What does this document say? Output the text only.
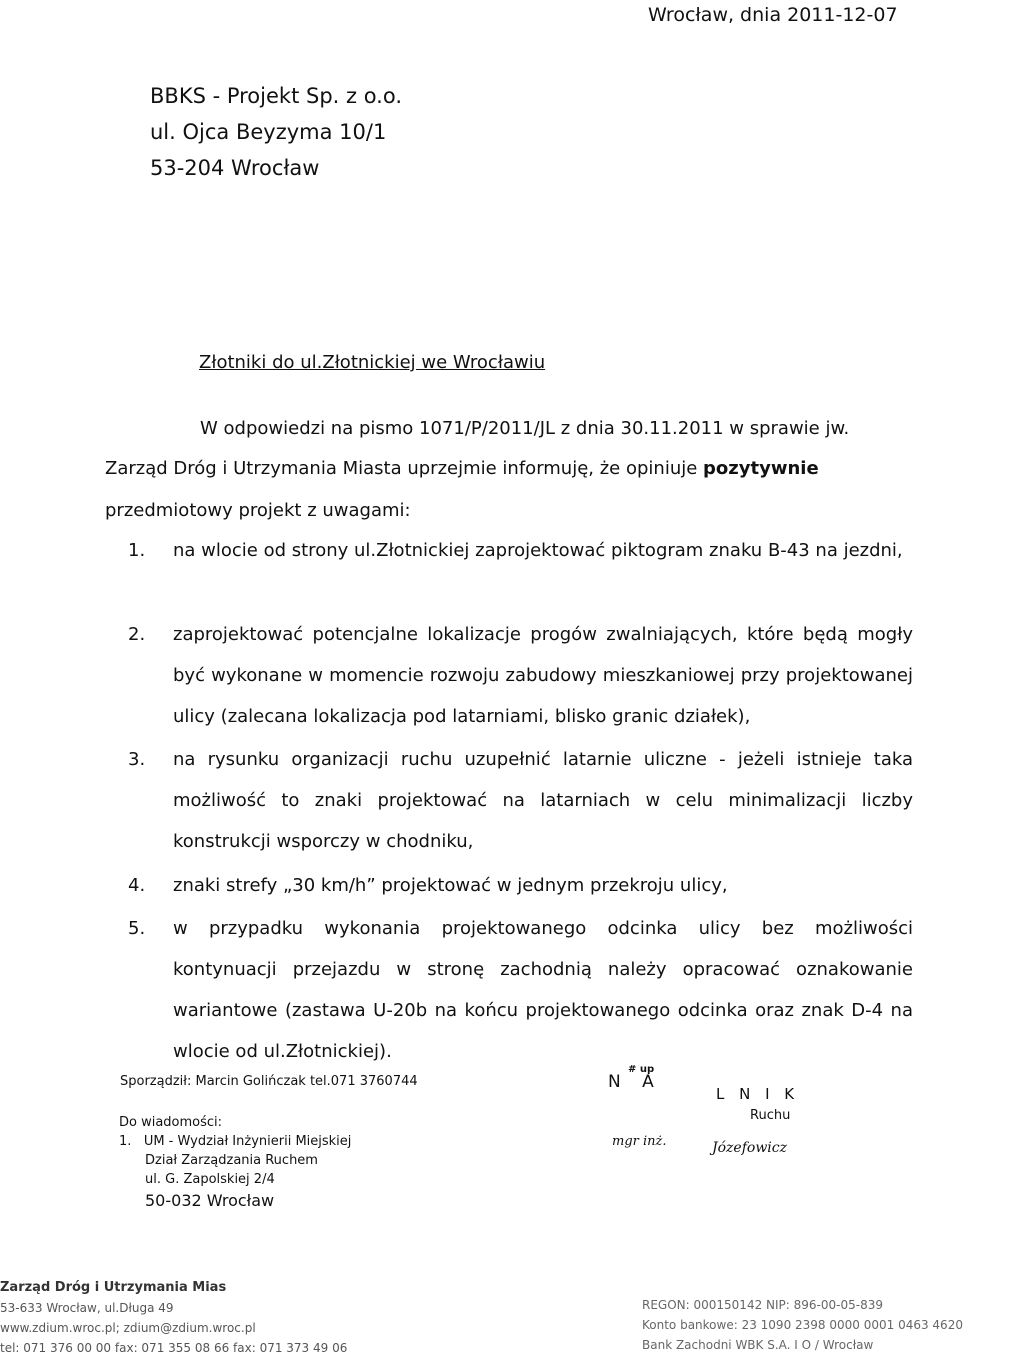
Wrocław, dnia 2011-12-07
BBKS - Projekt Sp. z o.o.
ul. Ojca Beyzyma 10/1
53-204 Wrocław
Złotniki do ul.Złotnickiej we Wrocławiu
W odpowiedzi na pismo 1071/P/2011/JL z dnia 30.11.2011 w sprawie jw.
Zarząd Dróg i Utrzymania Miasta uprzejmie informuję, że opiniuje pozytywnie
przedmiotowy projekt z uwagami:
1. na wlocie od strony ul.Złotnickiej zaprojektować piktogram znaku B-43 na jezdni,
2. zaprojektować potencjalne lokalizacje progów zwalniających, które będą mogły być wykonane w momencie rozwoju zabudowy mieszkaniowej przy projektowanej ulicy (zalecana lokalizacja pod latarniami, blisko granic działek),
3. na rysunku organizacji ruchu uzupełnić latarnie uliczne - jeżeli istnieje taka możliwość to znaki projektować na latarniach w celu minimalizacji liczby konstrukcji wsporczy w chodniku,
4. znaki strefy „30 km/h” projektować w jednym przekroju ulicy,
5. w przypadku wykonania projektowanego odcinka ulicy bez możliwości kontynuacji przejazdu w stronę zachodnią należy opracować oznakowanie wariantowe (zastawa U-20b na końcu projektowanego odcinka oraz znak D-4 na wlocie od ul.Złotnickiej).
Sporządził: Marcin Golińczak tel.071 3760744
Do wiadomości:
1. UM - Wydział Inżynierii Miejskiej
Dział Zarządzania Ruchem
ul. G. Zapolskiej 2/4
50-032 Wrocław
# up
N A
L N I K
Ruchu
mgr inż.	Józefowicz
Zarząd Dróg i Utrzymania Mias
53-633 Wrocław, ul.Długa 49
www.zdium.wroc.pl; zdium@zdium.wroc.pl
tel: 071 376 00 00 fax: 071 355 08 66 fax: 071 373 49 06
REGON: 000150142 NIP: 896-00-05-839
Konto bankowe: 23 1090 2398 0000 0001 0463 4620
Bank Zachodni WBK S.A. I O / Wrocław
